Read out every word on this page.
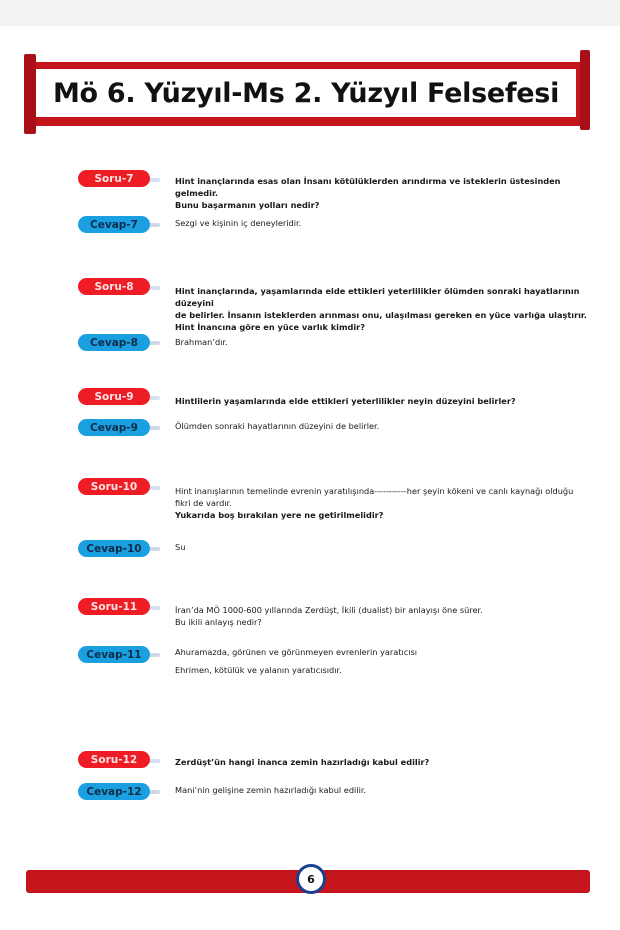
Mö 6. Yüzyıl-Ms 2. Yüzyıl Felsefesi
Soru-7	Hint inançlarında esas olan İnsanı kötülüklerden arındırma ve isteklerin üstesinden gelmedir.
Bunu başarmanın yolları nedir?
Cevap-7	Sezgi ve kişinin iç deneyleridir.
Soru-8	Hint inançlarında, yaşamlarında elde ettikleri yeterlilikler ölümden sonraki hayatlarının düzeyini
de belirler. İnsanın isteklerden arınması onu, ulaşılması gereken en yüce varlığa ulaştırır.
Hint İnancına göre en yüce varlık kimdir?
Cevap-8	Brahman’dır.
Soru-9	Hintlilerin yaşamlarında elde ettikleri yeterlilikler neyin düzeyini belirler?
Cevap-9	Ölümden sonraki hayatlarının düzeyini de belirler.
Soru-10	Hint inanışlarının temelinde evrenin yaratılışında-----------her şeyin kökeni ve canlı kaynağı olduğu
fikri de vardır.
Yukarıda boş bırakılan yere ne getirilmelidir?
Cevap-10	Su
Soru-11	İran’da MÖ 1000-600 yıllarında Zerdüşt, İkili (dualist) bir anlayışı öne sürer.
Bu ikili anlayış nedir?
Cevap-11	Ahuramazda, görünen ve görünmeyen evrenlerin yaratıcısı
Ehrimen, kötülük ve yalanın yaratıcısıdır.
Soru-12	Zerdüşt’ün hangi inanca zemin hazırladığı kabul edilir?
Cevap-12	Mani’nin gelişine zemin hazırladığı kabul edilir.
6
